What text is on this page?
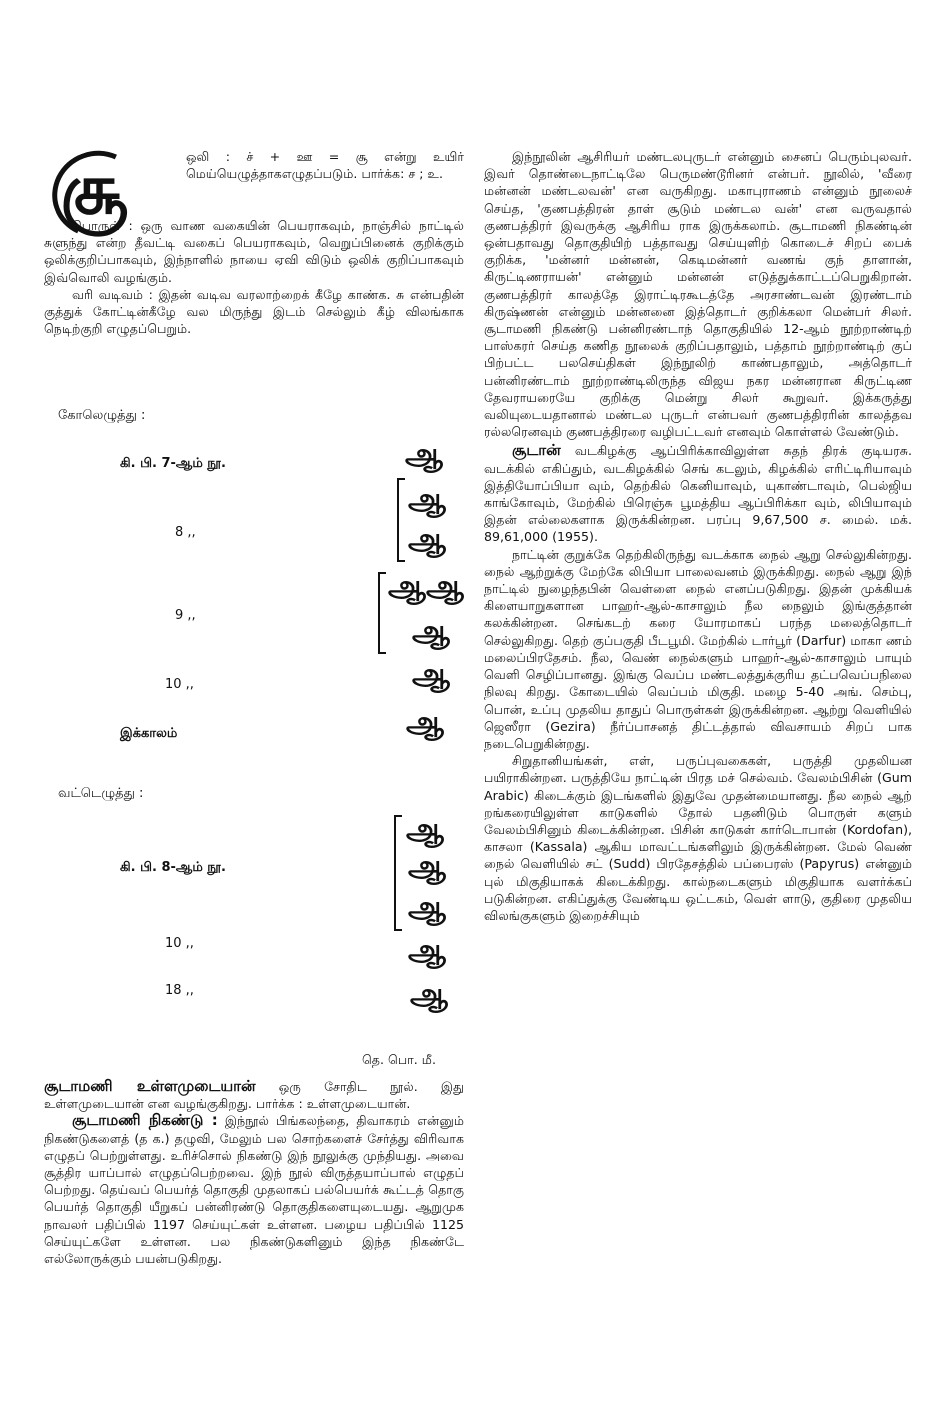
சூ	ஒலி : ச் + ஊ = சூ என்று உயிர் மெய்யெழுத்தாகஎழுதப்படும். பார்க்க: ச ; உ.

பொருள் : ஒரு வாண வகையின் பெயராகவும், நாஞ்சில் நாட்டில் சுளுந்து என்ற தீவட்டி வகைப் பெயராகவும், வெறுப்பினைக் குறிக்கும் ஒலிக்குறிப்பாகவும், இந்நாளில் நாயை ஏவி விடும் ஒலிக் குறிப்பாகவும் இவ்வொலி வழங்கும்.

வரி வடிவம் : இதன் வடிவ வரலாற்றைக் கீழே காண்க. சு என்பதின் குத்துக் கோட்டின்கீழே வல மிருந்து இடம் செல்லும் கீழ் விலங்காக நெடிற்குறி எழுதப்பெறும்.

கோலெழுத்து :
கி. பி. 7-ஆம் நூ.
8 ,,
9 ,,
10 ,,
இக்காலம்
ஆ
ஆ
ஆ
ஆஆ
ஆ
ஆ
ஆ
வட்டெழுத்து :
கி. பி. 8-ஆம் நூ.
10 ,,
18 ,,
ஆ
ஆ
ஆ
ஆ
ஆ
தெ. பொ. மீ.

சூடாமணி உள்ளமுடையான் ஒரு சோதிட நூல். இது உள்ளமுடையான் என வழங்குகிறது. பார்க்க : உள்ளமுடையான்.

சூடாமணி நிகண்டு : இந்நூல் பிங்கலந்தை, திவாகரம் என்னும் நிகண்டுகளைத் (த க.) தழுவி, மேலும் பல சொற்களைச் சேர்த்து விரிவாக எழுதப் பெற்றுள்ளது. உரிச்சொல் நிகண்டு இந் நூலுக்கு முந்தியது. அவை சூத்திர யாப்பால் எழுதப்பெற்றவை. இந் நூல் விருத்தயாப்பால் எழுதப் பெற்றது. தெய்வப் பெயர்த் தொகுதி முதலாகப் பல்பெயர்க் கூட்டத் தொகு பெயர்த் தொகுதி யீறுகப் பன்னிரண்டு தொகுதிகளையுடையது. ஆறுமுக நாவலர் பதிப்பில் 1197 செய்யுட்கள் உள்ளன. பழைய பதிப்பில் 1125 செய்யுட்களே உள்ளன. பல நிகண்டுகளினும் இந்த நிகண்டே எல்லோருக்கும் பயன்படுகிறது.

இந்நூலின் ஆசிரியர் மண்டலபுருடர் என்னும் சைனப் பெரும்புலவர். இவர் தொண்டைநாட்டிலே பெருமண்டூரினர் என்பர். நூலில், 'வீரை மன்னன் மண்டலவன்' என வருகிறது. மகாபுராணம் என்னும் நூலைச் செய்த, 'குணபத்திரன் தாள் சூடும் மண்டல வன்' என வருவதால் குணபத்திரர் இவருக்கு ஆசிரிய ராக இருக்கலாம். சூடாமணி நிகண்டின் ஒன்பதாவது தொகுதியிற் பத்தாவது செய்யுளிற் கொடைச் சிறப் பைக் குறிக்க, 'மன்னர் மன்னன், கெடிமன்னர் வணங் குந் தாளான், கிருட்டிணராயன்' என்னும் மன்னன் எடுத்துக்காட்டப்பெறுகிறான். குணபத்திரர் காலத்தே இராட்டிரகூடத்தே அரசாண்டவன் இரண்டாம் கிருஷ்ணன் என்னும் மன்னனை இத்தொடர் குறிக்கலா மென்பர் சிலர். சூடாமணி நிகண்டு பன்னிரண்டாந் தொகுதியில் 12-ஆம் நூற்றாண்டிற் பாஸ்கரர் செய்த கணித நூலைக் குறிப்பதாலும், பத்தாம் நூற்றாண்டிற் குப் பிற்பட்ட பலசெய்திகள் இந்நூலிற் காண்பதாலும், அத்தொடர் பன்னிரண்டாம் நூற்றாண்டிலிருந்த விஜய நகர மன்னரான கிருட்டிண தேவராயரையே குறிக்கு மென்று சிலர் கூறுவர். இக்கருத்து வலியுடையதானால் மண்டல புருடர் என்பவர் குணபத்திரரின் காலத்தவ ரல்லரெனவும் குணபத்திரரை வழிபட்டவர் எனவும் கொள்ளல் வேண்டும்.

சூடான் வடகிழக்கு ஆப்பிரிக்காவிலுள்ள சுதந் திரக் குடியரசு. வடக்கில் எகிப்தும், வடகிழக்கில் செங் கடலும், கிழக்கில் எரிட்டிரியாவும் இத்தியோப்பியா வும், தெற்கில் கெனியாவும், யுகாண்டாவும், பெல்ஜிய காங்கோவும், மேற்கில் பிரெஞ்சு பூமத்திய ஆப்பிரிக்கா வும், லிபியாவும் இதன் எல்லைகளாக இருக்கின்றன. பரப்பு 9,67,500 ச. மைல். மக். 89,61,000 (1955).

நாட்டின் குறுக்கே தெற்கிலிருந்து வடக்காக நைல் ஆறு செல்லுகின்றது. நைல் ஆற்றுக்கு மேற்கே லிபியா பாலைவனம் இருக்கிறது. நைல் ஆறு இந் நாட்டில் நுழைந்தபின் வெள்ளை நைல் எனப்படுகிறது. இதன் முக்கியக் கிளையாறுகளான பாஹர்-ஆல்-காசாலும் நீல நைலும் இங்குத்தான் கலக்கின்றன. செங்கடற் கரை யோரமாகப் பரந்த மலைத்தொடர் செல்லுகிறது. தெற் குப்பகுதி பீடபூமி. மேற்கில் டார்பூர் (Darfur) மாகா ணம் மலைப்பிரதேசம். நீல, வெண் நைல்களும் பாஹர்-ஆல்-காசாலும் பாயும் வெளி செழிப்பானது. இங்கு வெப்ப மண்டலத்துக்குரிய தட்பவெப்பநிலை நிலவு கிறது. கோடையில் வெப்பம் மிகுதி. மழை 5-40 அங். செம்பு, பொன், உப்பு முதலிய தாதுப் பொருள்கள் இருக்கின்றன. ஆற்று வெளியில் ஜெஸீரா (Gezira) நீர்ப்பாசனத் திட்டத்தால் விவசாயம் சிறப் பாக நடைபெறுகின்றது.

சிறுதானியங்கள், எள், பருப்புவகைகள், பருத்தி முதலியன பயிராகின்றன. பருத்தியே நாட்டின் பிரத மச் செல்வம். வேலம்பிசின் (Gum Arabic) கிடைக்கும் இடங்களில் இதுவே முதன்மையானது. நீல நைல் ஆற் றங்கரையிலுள்ள காடுகளில் தோல் பதனிடும் பொருள் களும் வேலம்பிசினும் கிடைக்கின்றன. பிசின் காடுகள் கார்டொபான் (Kordofan), காசலா (Kassala) ஆகிய மாவட்டங்களிலும் இருக்கின்றன. மேல் வெண் நைல் வெளியில் சட் (Sudd) பிரதேசத்தில் பப்பைரஸ் (Papyrus) என்னும் புல் மிகுதியாகக் கிடைக்கிறது. கால்நடைகளும் மிகுதியாக வளர்க்கப் படுகின்றன. எகிப்துக்கு வேண்டிய ஒட்டகம், வெள் ளாடு, குதிரை முதலிய விலங்குகளும் இறைச்சியும்
